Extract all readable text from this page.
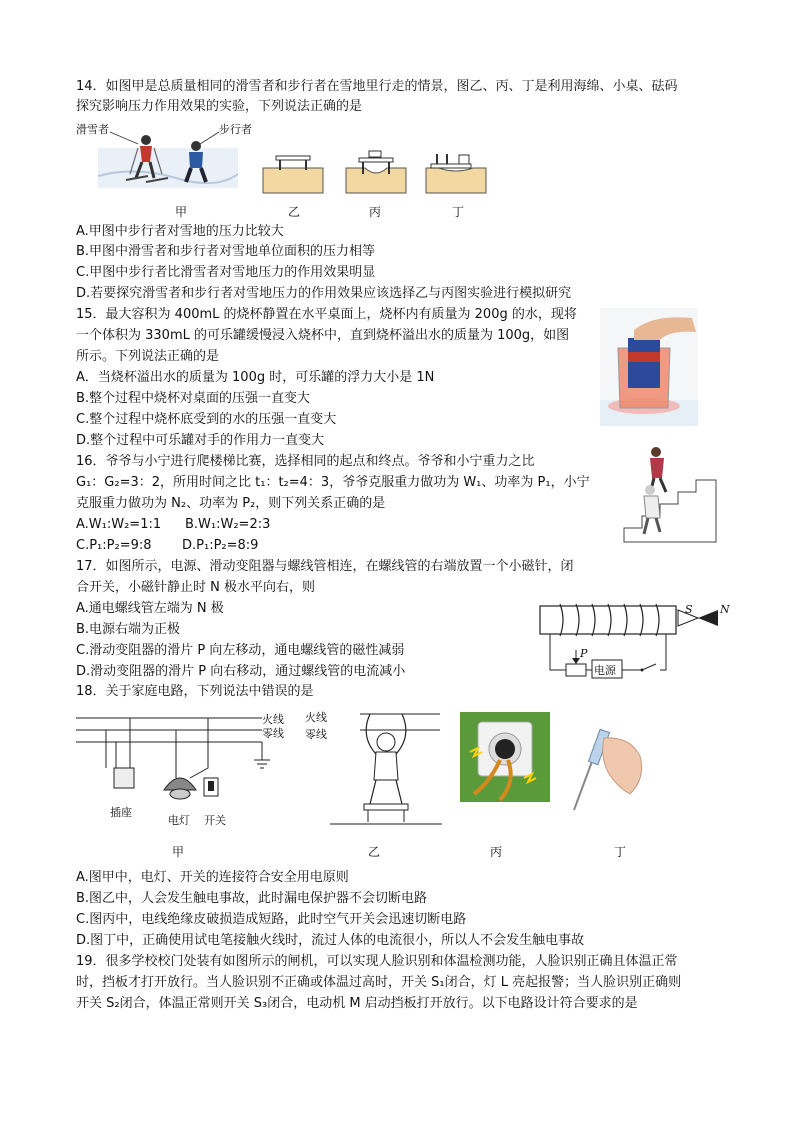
14．如图甲是总质量相同的滑雪者和步行者在雪地里行走的情景，图乙、丙、丁是利用海绵、小桌、砝码
探究影响压力作用效果的实验，下列说法正确的是
滑雪者	步行者
甲	乙	丙	丁
A.甲图中步行者对雪地的压力比较大
B.甲图中滑雪者和步行者对雪地单位面积的压力相等
C.甲图中步行者比滑雪者对雪地压力的作用效果明显
D.若要探究滑雪者和步行者对雪地压力的作用效果应该选择乙与丙图实验进行模拟研究
15．最大容积为 400mL 的烧杯静置在水平桌面上，烧杯内有质量为 200g 的水，现将
一个体积为 330mL 的可乐罐缓慢浸入烧杯中，直到烧杯溢出水的质量为 100g，如图
所示。下列说法正确的是
A．当烧杯溢出水的质量为 100g 时，可乐罐的浮力大小是 1N
B.整个过程中烧杯对桌面的压强一直变大
C.整个过程中烧杯底受到的水的压强一直变大
D.整个过程中可乐罐对手的作用力一直变大
16．爷爷与小宁进行爬楼梯比赛，选择相同的起点和终点。爷爷和小宁重力之比
G₁：G₂=3：2，所用时间之比 t₁：t₂=4：3，爷爷克服重力做功为 W₁、功率为 P₁，小宁
克服重力做功为 N₂、功率为 P₂，则下列关系正确的是
A.W₁:W₂=1:1 B.W₁:W₂=2:3
C.P₁:P₂=9:8 D.P₁:P₂=8:9
17．如图所示，电源、滑动变阻器与螺线管相连，在螺线管的右端放置一个小磁针，闭
合开关，小磁针静止时 N 极水平向右，则
A.通电螺线管左端为 N 极
B.电源右端为正极
C.滑动变阻器的滑片 P 向左移动，通电螺线管的磁性减弱
D.滑动变阻器的滑片 P 向右移动，通过螺线管的电流减小
S N
P
电源
18．关于家庭电路，下列说法中错误的是
火线
零线
插座
电灯 开关
火线
零线
甲	乙	丙	丁
A.图甲中，电灯、开关的连接符合安全用电原则
B.图乙中，人会发生触电事故，此时漏电保护器不会切断电路
C.图丙中，电线绝缘皮破损造成短路，此时空气开关会迅速切断电路
D.图丁中，正确使用试电笔接触火线时，流过人体的电流很小，所以人不会发生触电事故
19．很多学校校门处装有如图所示的闸机，可以实现人脸识别和体温检测功能，人脸识别正确且体温正常
时，挡板才打开放行。当人脸识别不正确或体温过高时，开关 S₁闭合，灯 L 亮起报警；当人脸识别正确则
开关 S₂闭合，体温正常则开关 S₃闭合，电动机 M 启动挡板打开放行。以下电路设计符合要求的是
